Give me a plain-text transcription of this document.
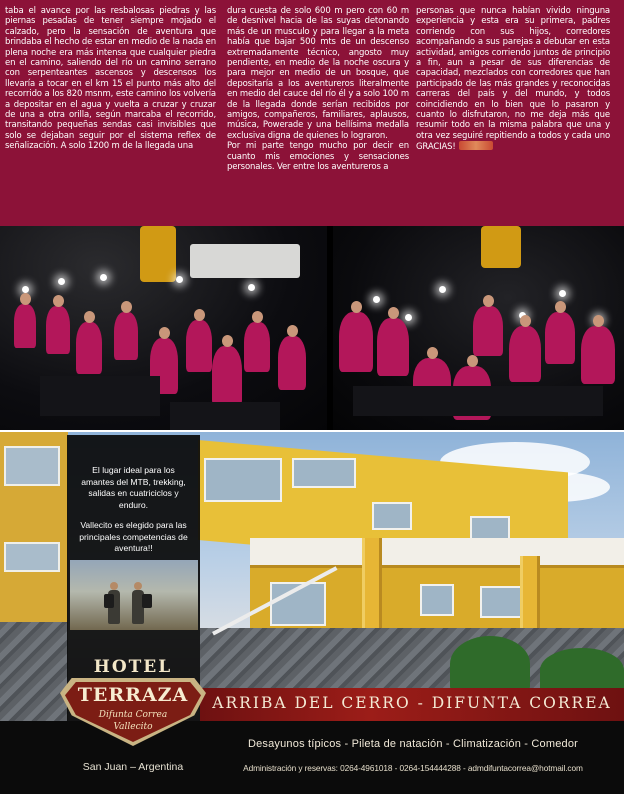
taba el avance por las resbalosas piedras y las piernas pesadas de tener siempre mojado el calzado, pero la sensación de aventura que brindaba el hecho de estar en medio de la nada en plena noche era más intensa que cualquier piedra en el camino, saliendo del río un camino serrano con serpenteantes ascensos y descensos los llevaría a tocar en el km 15 el punto más alto del recorrido a los 820 msnm, este camino los volvería a depositar en el agua y vuelta a cruzar y cruzar de una a otra orilla, según marcaba el recorrido, transitando pequeñas sendas casi invisibles que solo se dejaban seguir por el sistema reflex de señalización. A solo 1200 m de la llegada una

dura cuesta de solo 600 m pero con 60 m de desnivel hacia de las suyas detonando más de un musculo y para llegar a la meta había que bajar 500 mts de un descenso extremadamente técnico, angosto muy pendiente, en medio de la noche oscura y para mejor en medio de un bosque, que depositaría a los aventureros literalmente en medio del cauce del río él y a solo 100 m de la llegada donde serían recibidos por amigos, compañeros, familiares, aplausos, música, Powerade y una bellísima medalla exclusiva digna de quienes lo lograron.

Por mi parte tengo mucho por decir en cuanto mis emociones y sensaciones personales. Ver entre los aventureros a

personas que nunca habían vivido ninguna experiencia y esta era su primera, padres corriendo con sus hijos, corredores acompañando a sus parejas a debutar en esta actividad, amigos corriendo juntos de principio a fin, aun a pesar de sus diferencias de capacidad, mezclados con corredores que han participado de las más grandes y reconocidas carreras del país y del mundo, y todos coincidiendo en lo bien que lo pasaron y cuanto lo disfrutaron, no me deja más que resumir todo en la misma palabra que una y otra vez seguiré repitiendo a todos y cada uno GRACIAS!

El lugar ideal para los amantes del MTB, trekking, salidas en cuatriciclos y enduro.

Vallecito es elegido para las principales competencias de aventura!!

ARRIBA DEL CERRO - DIFUNTA CORREA
HOTEL
TERRAZA
Difunta Correa
Vallecito
San Juan – Argentina
Desayunos típicos - Pileta de natación - Climatización - Comedor
Administración y reservas: 0264-4961018 - 0264-154444288 - admdifuntacorrea@hotmail.com
